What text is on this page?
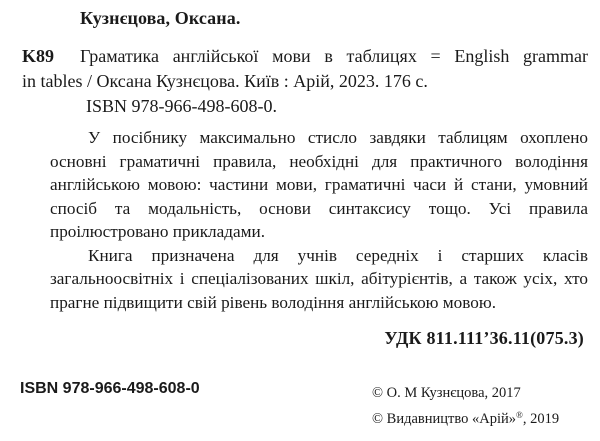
Кузнєцова, Оксана.
K89 Граматика англійської мови в таблицях = English grammar
in tables / Оксана Кузнєцова. Київ : Арій, 2023. 176 с.
ISBN 978-966-498-608-0.

У посібнику максимально стисло завдяки таблицям охоплено основні граматичні правила, необхідні для практичного володіння англійською мовою: частини мови, граматичні часи й стани, умовний спосіб та модальність, основи синтаксису тощо. Усі правила проілюстровано прикладами.

Книга призначена для учнів середніх і старших класів загальноосвітніх і спеціалізованих шкіл, абітурієнтів, а також усіх, хто прагне підвищити свій рівень володіння англійською мовою.

УДК 811.111’36.11(075.3)
ISBN 978-966-498-608-0	© О. М Кузнєцова, 2017
© Видавництво «Арій»®, 2019
